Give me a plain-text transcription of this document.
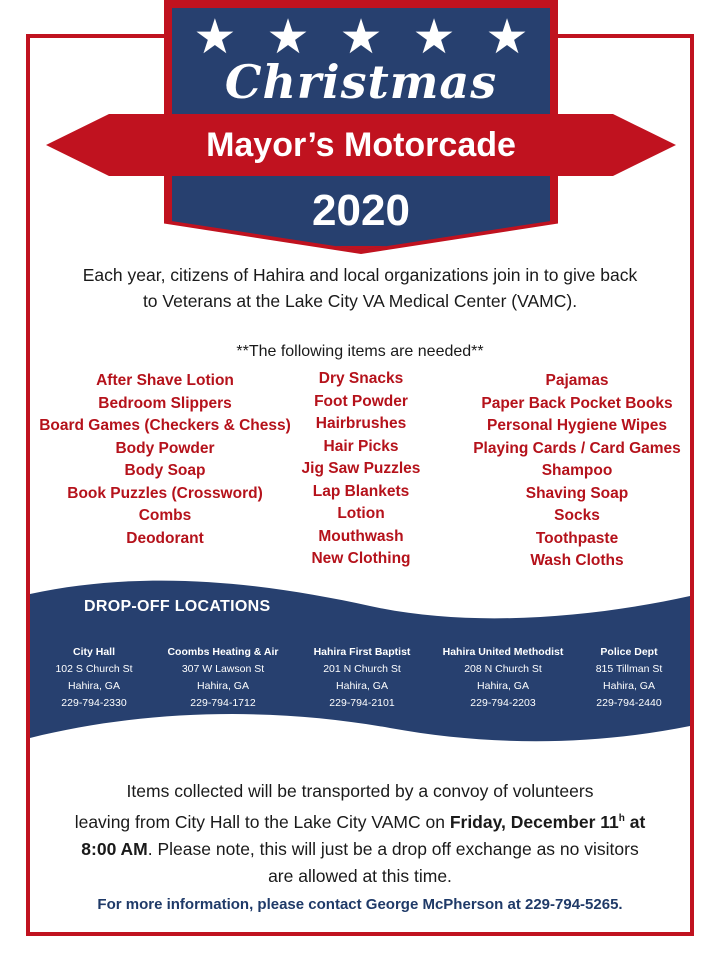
★ ★ ★ ★ ★
Christmas
Mayor’s Motorcade
2020
Each year, citizens of Hahira and local organizations join in to give back
to Veterans at the Lake City VA Medical Center (VAMC).
**The following items are needed**
After Shave Lotion
Bedroom Slippers
Board Games (Checkers & Chess)
Body Powder
Body Soap
Book Puzzles (Crossword)
Combs
Deodorant
Dry Snacks
Foot Powder
Hairbrushes
Hair Picks
Jig Saw Puzzles
Lap Blankets
Lotion
Mouthwash
New Clothing
Pajamas
Paper Back Pocket Books
Personal Hygiene Wipes
Playing Cards / Card Games
Shampoo
Shaving Soap
Socks
Toothpaste
Wash Cloths
DROP-OFF LOCATIONS
City Hall
102 S Church St
Hahira, GA
229-794-2330
Coombs Heating & Air
307 W Lawson St
Hahira, GA
229-794-1712
Hahira First Baptist
201 N Church St
Hahira, GA
229-794-2101
Hahira United Methodist
208 N Church St
Hahira, GA
229-794-2203
Police Dept
815 Tillman St
Hahira, GA
229-794-2440
Items collected will be transported by a convoy of volunteers
leaving from City Hall to the Lake City VAMC on Friday, December 11$^h$ at
8:00 AM. Please note, this will just be a drop off exchange as no visitors
are allowed at this time.
For more information, please contact George McPherson at 229-794-5265.
